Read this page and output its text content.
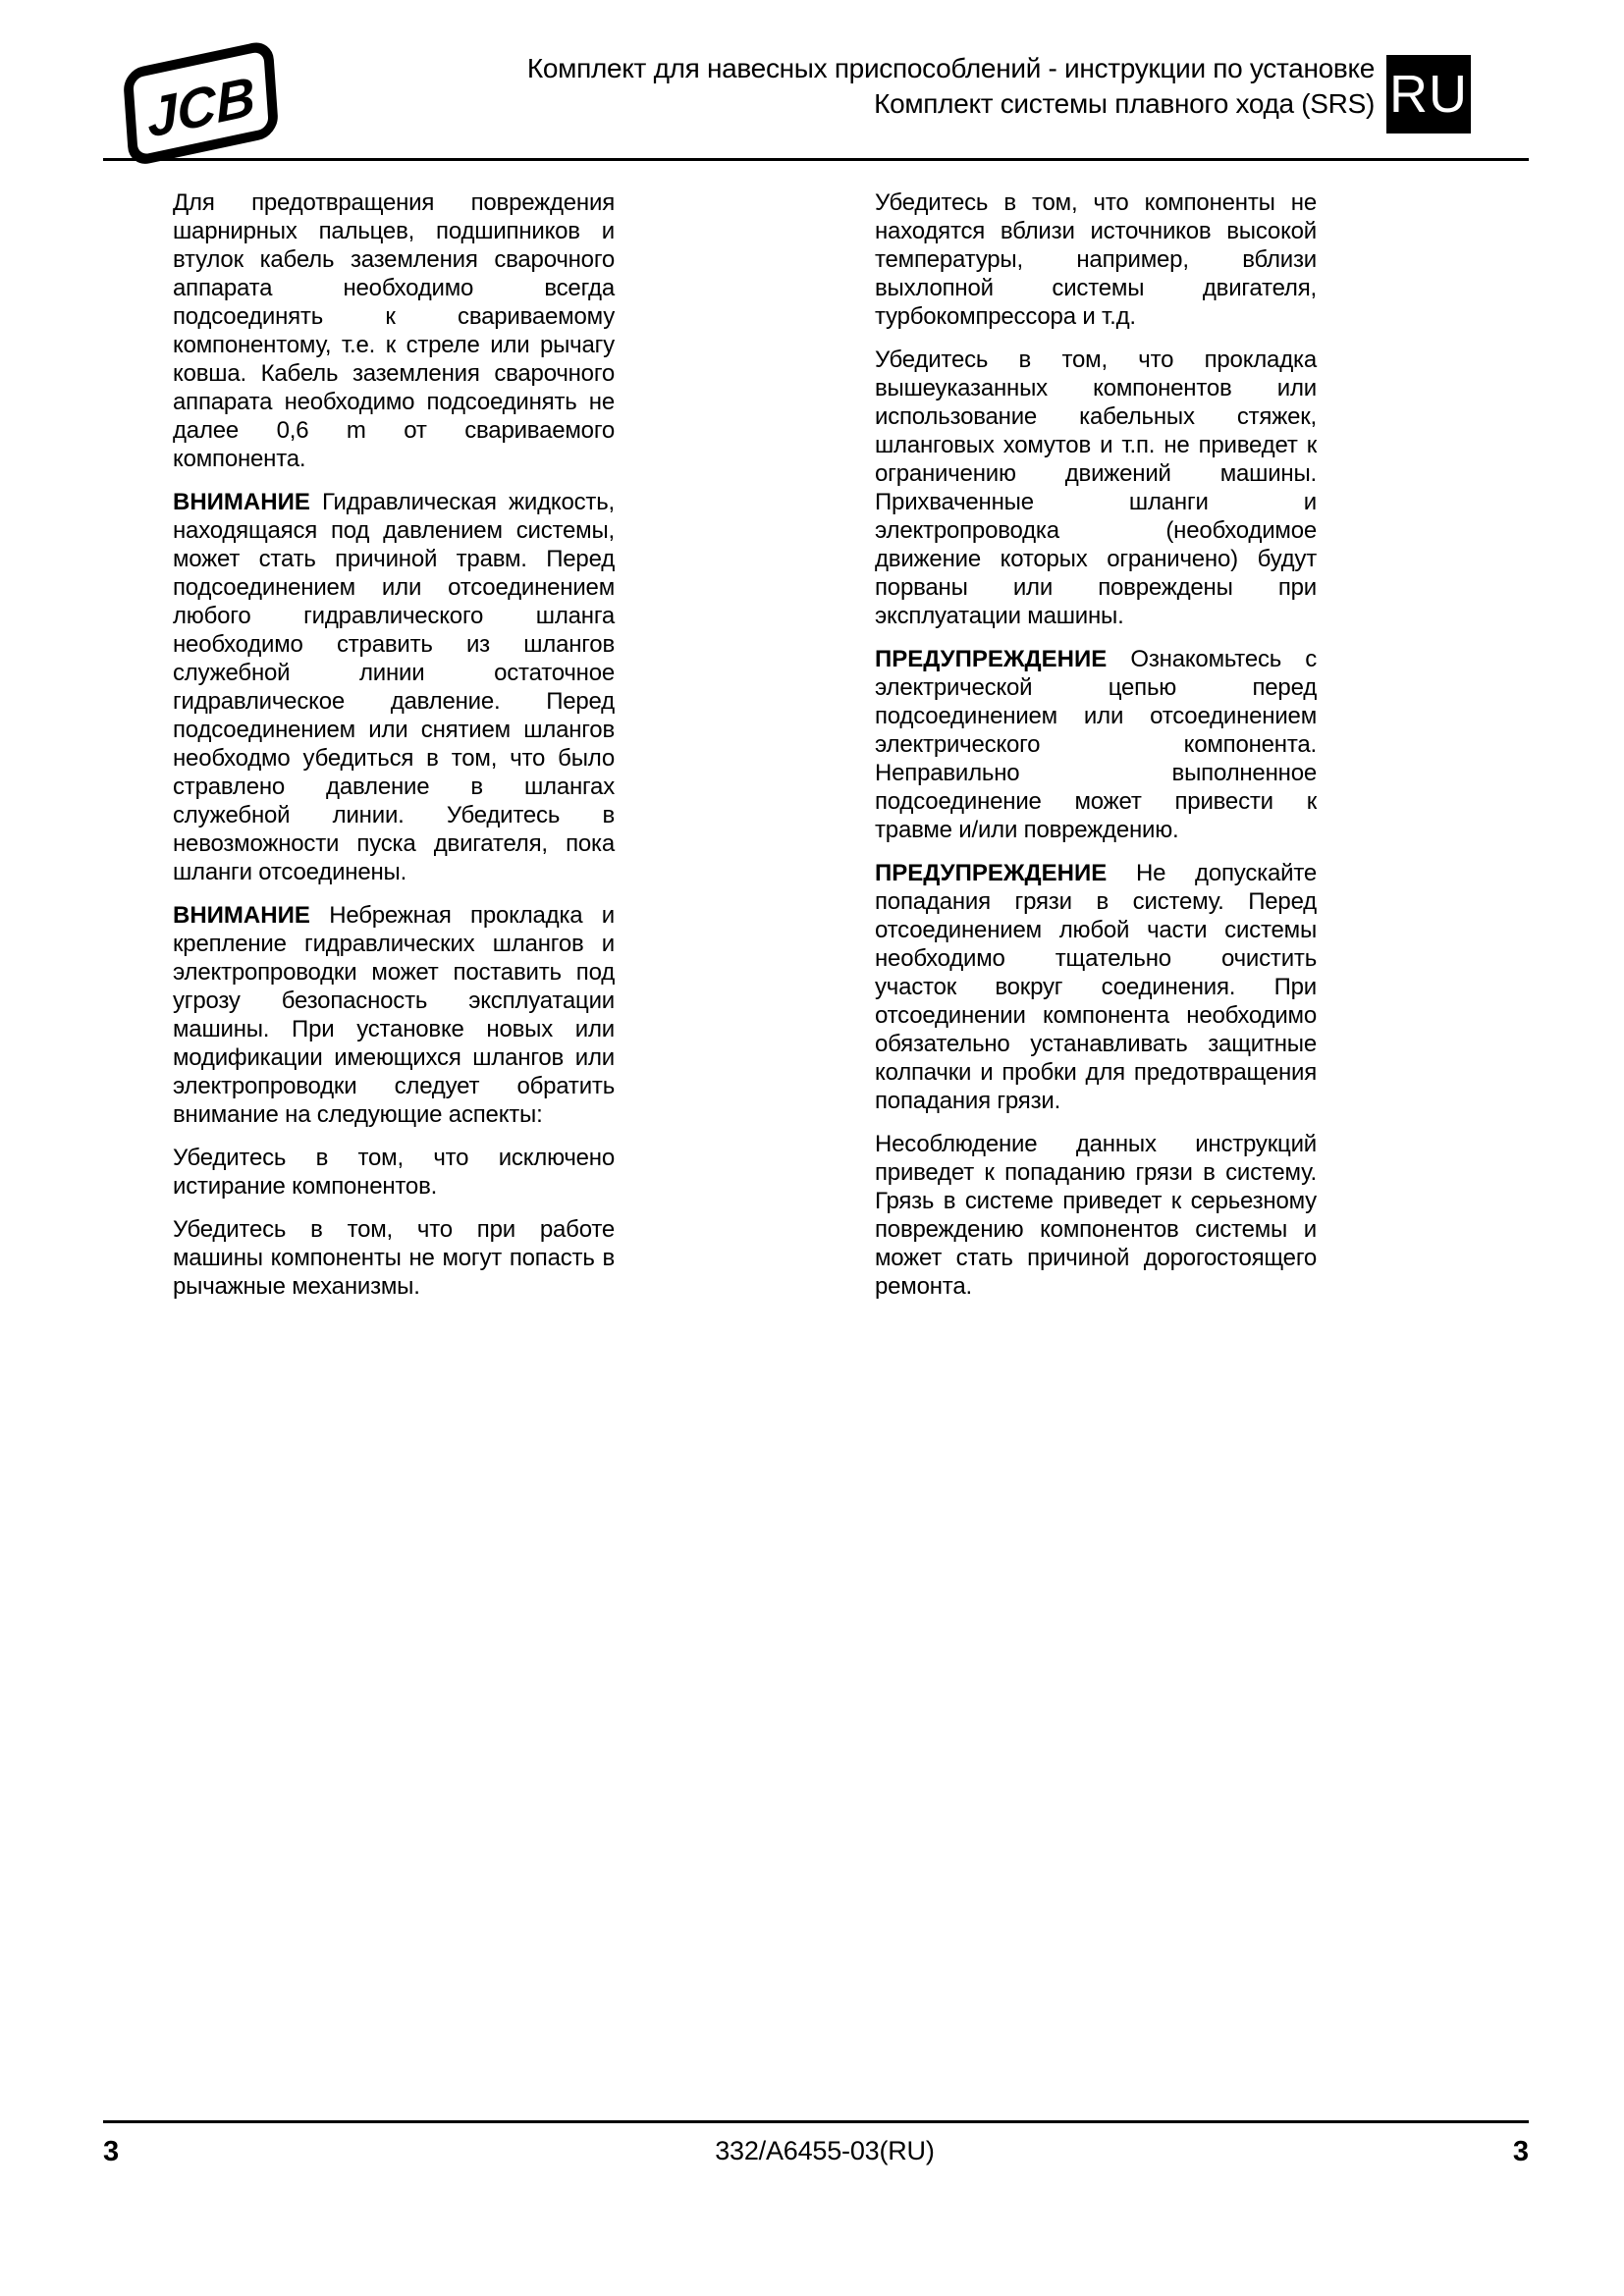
JCB	Комплект для навесных приспособлений - инструкции по установке
Комплект системы плавного хода (SRS) RU

Для предотвращения повреждения шарнирных пальцев, подшипников и втулок кабель заземления сварочного аппарата необходимо всегда подсоединять к свариваемому компонентому, т.е. к стреле или рычагу ковша. Кабель заземления сварочного аппарата необходимо подсоединять не далее 0,6 m от свариваемого компонента.

ВНИМАНИЕ Гидравлическая жидкость, находящаяся под давлением системы, может стать причиной травм. Перед подсоединением или отсоединением любого гидравлического шланга необходимо стравить из шлангов служебной линии остаточное гидравлическое давление. Перед подсоединением или снятием шлангов необходмо убедиться в том, что было стравлено давление в шлангах служебной линии. Убедитесь в невозможности пуска двигателя, пока шланги отсоединены.

ВНИМАНИЕ Небрежная прокладка и крепление гидравлических шлангов и электропроводки может поставить под угрозу безопасность эксплуатации машины. При установке новых или модификации имеющихся шлангов или электропроводки следует обратить внимание на следующие аспекты:

Убедитесь в том, что исключено истирание компонентов.

Убедитесь в том, что при работе машины компоненты не могут попасть в рычажные механизмы.

Убедитесь в том, что компоненты не находятся вблизи источников высокой температуры, например, вблизи выхлопной системы двигателя, турбокомпрессора и т.д.

Убедитесь в том, что прокладка вышеуказанных компонентов или использование кабельных стяжек, шланговых хомутов и т.п. не приведет к ограничению движений машины. Прихваченные шланги и электропроводка (необходимое движение которых ограничено) будут порваны или повреждены при эксплуатации машины.

ПРЕДУПРЕЖДЕНИЕ Ознакомьтесь с электрической цепью перед подсоединением или отсоединением электрического компонента. Неправильно выполненное подсоединение может привести к травме и/или повреждению.

ПРЕДУПРЕЖДЕНИЕ Не допускайте попадания грязи в систему. Перед отсоединением любой части системы необходимо тщательно очистить участок вокруг соединения. При отсоединении компонента необходимо обязательно устанавливать защитные колпачки и пробки для предотвращения попадания грязи.

Несоблюдение данных инструкций приведет к попаданию грязи в систему. Грязь в системе приведет к серьезному повреждению компонентов системы и может стать причиной дорогостоящего ремонта.

3	332/A6455-03(RU)	3
